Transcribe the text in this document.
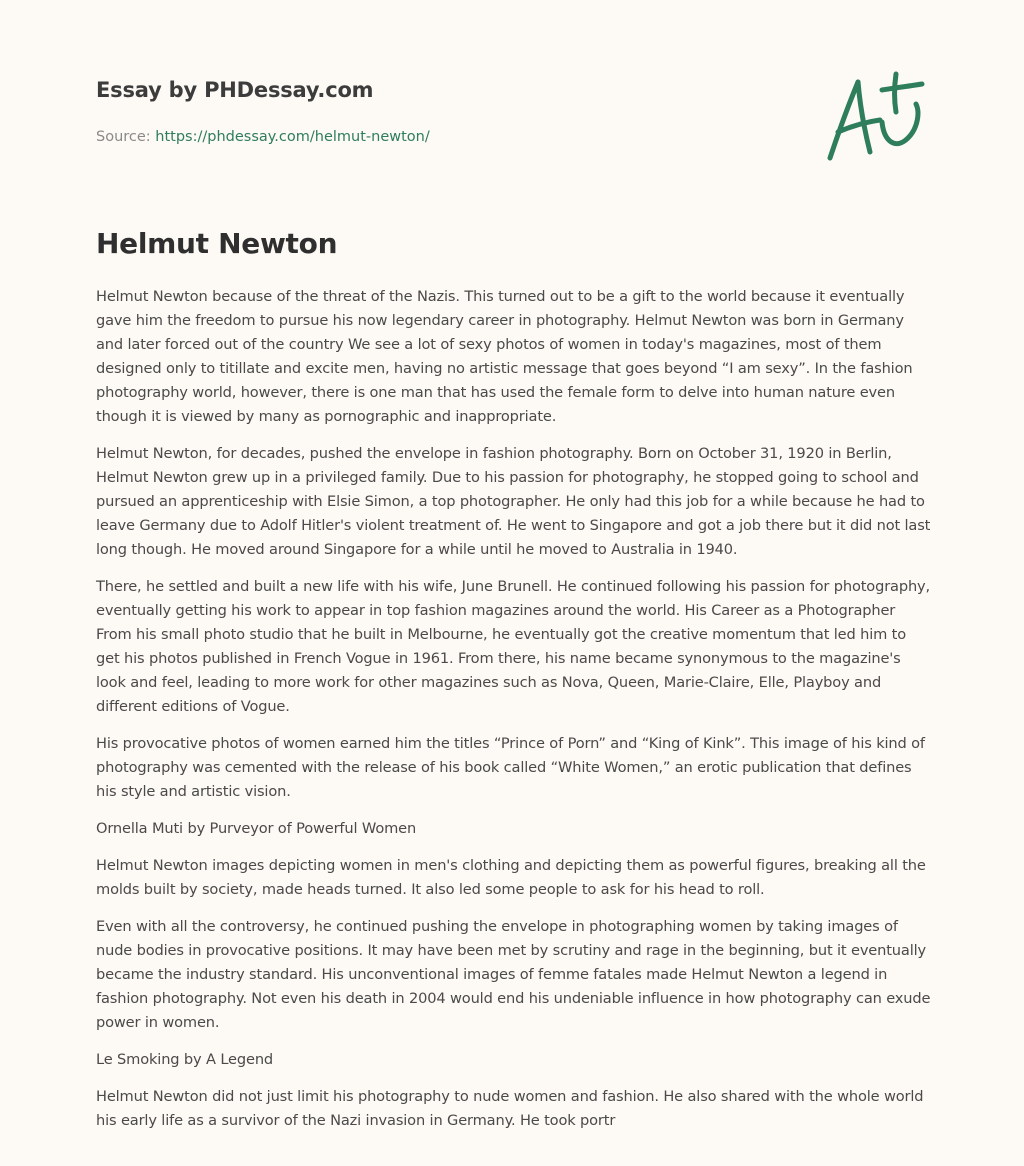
Essay by PHDessay.com
Source: https://phdessay.com/helmut-newton/
Helmut Newton

Helmut Newton because of the threat of the Nazis. This turned out to be a gift to the world because it eventually gave him the freedom to pursue his now legendary career in photography. Helmut Newton was born in Germany and later forced out of the country We see a lot of sexy photos of women in today's magazines, most of them designed only to titillate and excite men, having no artistic message that goes beyond “I am sexy”. In the fashion photography world, however, there is one man that has used the female form to delve into human nature even though it is viewed by many as pornographic and inappropriate.

Helmut Newton, for decades, pushed the envelope in fashion photography. Born on October 31, 1920 in Berlin, Helmut Newton grew up in a privileged family. Due to his passion for photography, he stopped going to school and pursued an apprenticeship with Elsie Simon, a top photographer. He only had this job for a while because he had to leave Germany due to Adolf Hitler's violent treatment of. He went to Singapore and got a job there but it did not last long though. He moved around Singapore for a while until he moved to Australia in 1940.

There, he settled and built a new life with his wife, June Brunell. He continued following his passion for photography, eventually getting his work to appear in top fashion magazines around the world. His Career as a Photographer From his small photo studio that he built in Melbourne, he eventually got the creative momentum that led him to get his photos published in French Vogue in 1961. From there, his name became synonymous to the magazine's look and feel, leading to more work for other magazines such as Nova, Queen, Marie-Claire, Elle, Playboy and different editions of Vogue.

His provocative photos of women earned him the titles “Prince of Porn” and “King of Kink”. This image of his kind of photography was cemented with the release of his book called “White Women,” an erotic publication that defines his style and artistic vision.

Ornella Muti by Purveyor of Powerful Women

Helmut Newton images depicting women in men's clothing and depicting them as powerful figures, breaking all the molds built by society, made heads turned. It also led some people to ask for his head to roll.

Even with all the controversy, he continued pushing the envelope in photographing women by taking images of nude bodies in provocative positions. It may have been met by scrutiny and rage in the beginning, but it eventually became the industry standard. His unconventional images of femme fatales made Helmut Newton a legend in fashion photography. Not even his death in 2004 would end his undeniable influence in how photography can exude power in women.

Le Smoking by A Legend

Helmut Newton did not just limit his photography to nude women and fashion. He also shared with the whole world his early life as a survivor of the Nazi invasion in Germany. He took portr
